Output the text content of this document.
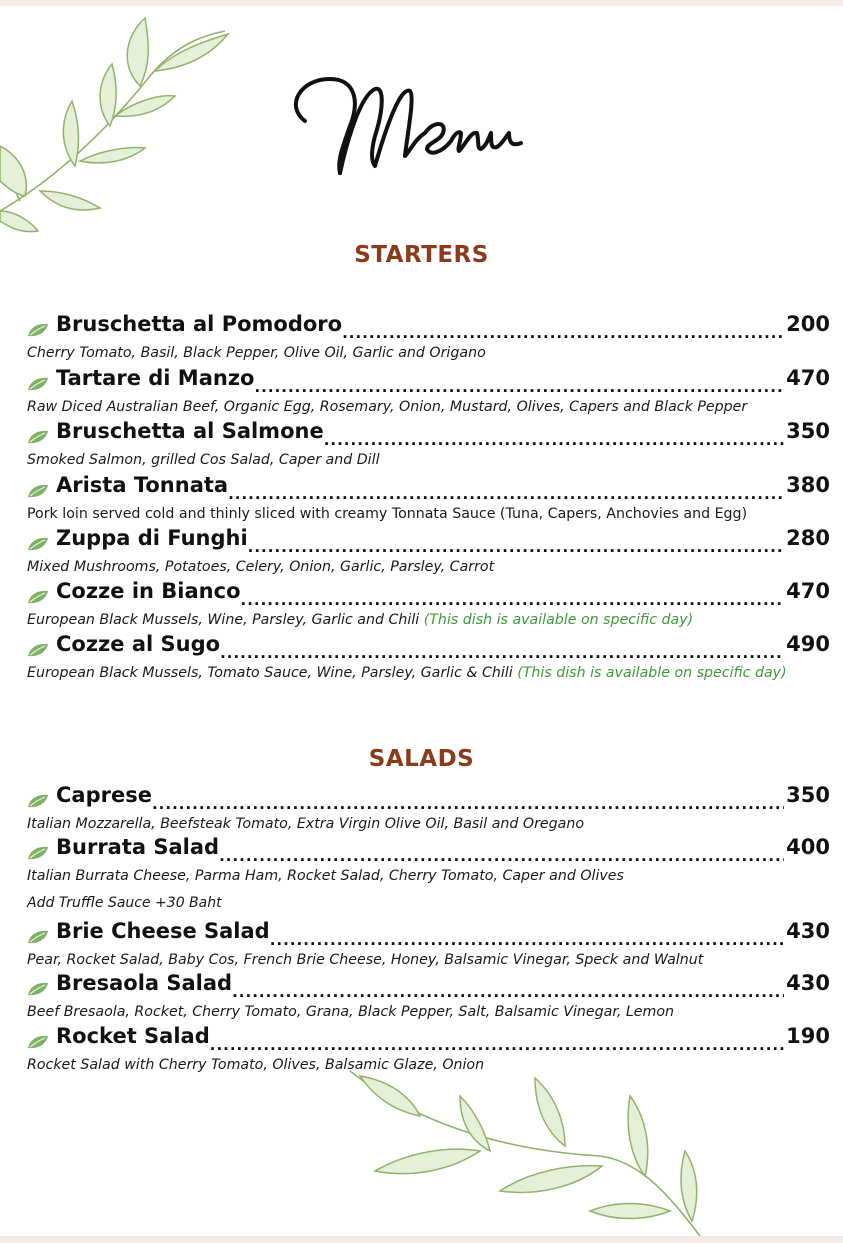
STARTERS
Bruschetta al Pomodoro .....	200
Cherry Tomato, Basil, Black Pepper, Olive Oil, Garlic and Origano
Tartare di Manzo .....	470
Raw Diced Australian Beef, Organic Egg, Rosemary, Onion, Mustard, Olives, Capers and Black Pepper
Bruschetta al Salmone .....	350
Smoked Salmon, grilled Cos Salad, Caper and Dill
Arista Tonnata .....	380
Pork loin served cold and thinly sliced with creamy Tonnata Sauce (Tuna, Capers, Anchovies and Egg)
Zuppa di Funghi .....	280
Mixed Mushrooms, Potatoes, Celery, Onion, Garlic, Parsley, Carrot
Cozze in Bianco .....	470
European Black Mussels, Wine, Parsley, Garlic and Chili (This dish is available on specific day)
Cozze al Sugo .....	490
European Black Mussels, Tomato Sauce, Wine, Parsley, Garlic & Chili (This dish is available on specific day)
SALADS
Caprese .....	350
Italian Mozzarella, Beefsteak Tomato, Extra Virgin Olive Oil, Basil and Oregano
Burrata Salad .....	400
Italian Burrata Cheese, Parma Ham, Rocket Salad, Cherry Tomato, Caper and Olives
Brie Cheese Salad .....	430
Pear, Rocket Salad, Baby Cos, French Brie Cheese, Honey, Balsamic Vinegar, Speck and Walnut
Bresaola Salad .....	430
Beef Bresaola, Rocket, Cherry Tomato, Grana, Black Pepper, Salt, Balsamic Vinegar, Lemon
Rocket Salad .....	190
Rocket Salad with Cherry Tomato, Olives, Balsamic Glaze, Onion
Add Truffle Sauce +30 Baht
